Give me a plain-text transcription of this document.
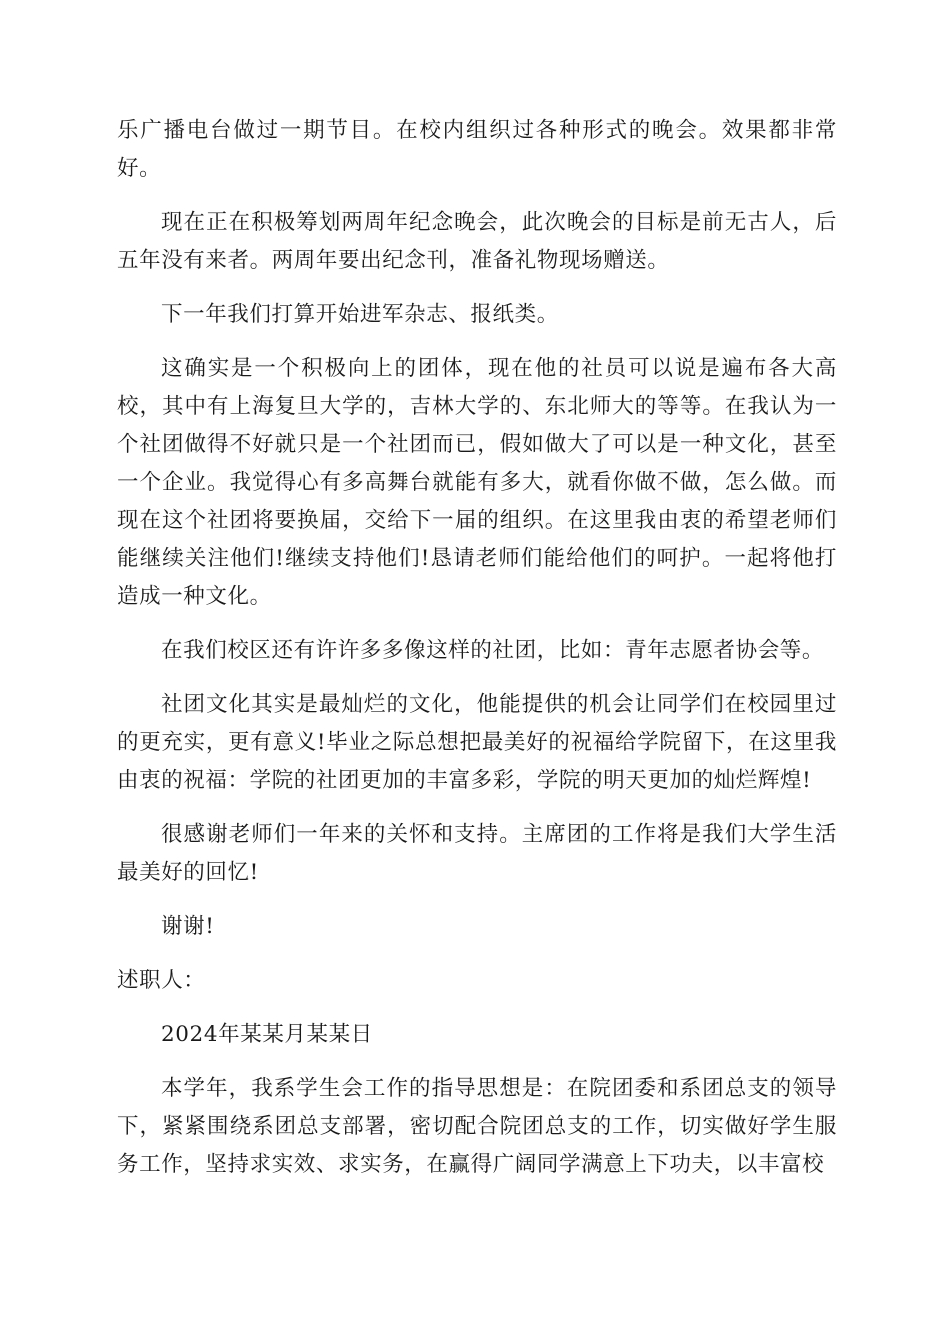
乐广播电台做过一期节目。在校内组织过各种形式的晚会。效果都非常好。

现在正在积极筹划两周年纪念晚会，此次晚会的目标是前无古人，后五年没有来者。两周年要出纪念刊，准备礼物现场赠送。

下一年我们打算开始进军杂志、报纸类。

这确实是一个积极向上的团体，现在他的社员可以说是遍布各大高校，其中有上海复旦大学的，吉林大学的、东北师大的等等。在我认为一个社团做得不好就只是一个社团而已，假如做大了可以是一种文化，甚至一个企业。我觉得心有多高舞台就能有多大，就看你做不做，怎么做。而现在这个社团将要换届，交给下一届的组织。在这里我由衷的希望老师们能继续关注他们!继续支持他们!恳请老师们能给他们的呵护。一起将他打造成一种文化。

在我们校区还有许许多多像这样的社团，比如：青年志愿者协会等。

社团文化其实是最灿烂的文化，他能提供的机会让同学们在校园里过的更充实，更有意义!毕业之际总想把最美好的祝福给学院留下，在这里我由衷的祝福：学院的社团更加的丰富多彩，学院的明天更加的灿烂辉煌!

很感谢老师们一年来的关怀和支持。主席团的工作将是我们大学生活最美好的回忆!

谢谢!

述职人：

2024年某某月某某日

本学年，我系学生会工作的指导思想是：在院团委和系团总支的领导下，紧紧围绕系团总支部署，密切配合院团总支的工作，切实做好学生服务工作，坚持求实效、求实务，在赢得广阔同学满意上下功夫，以丰富校
